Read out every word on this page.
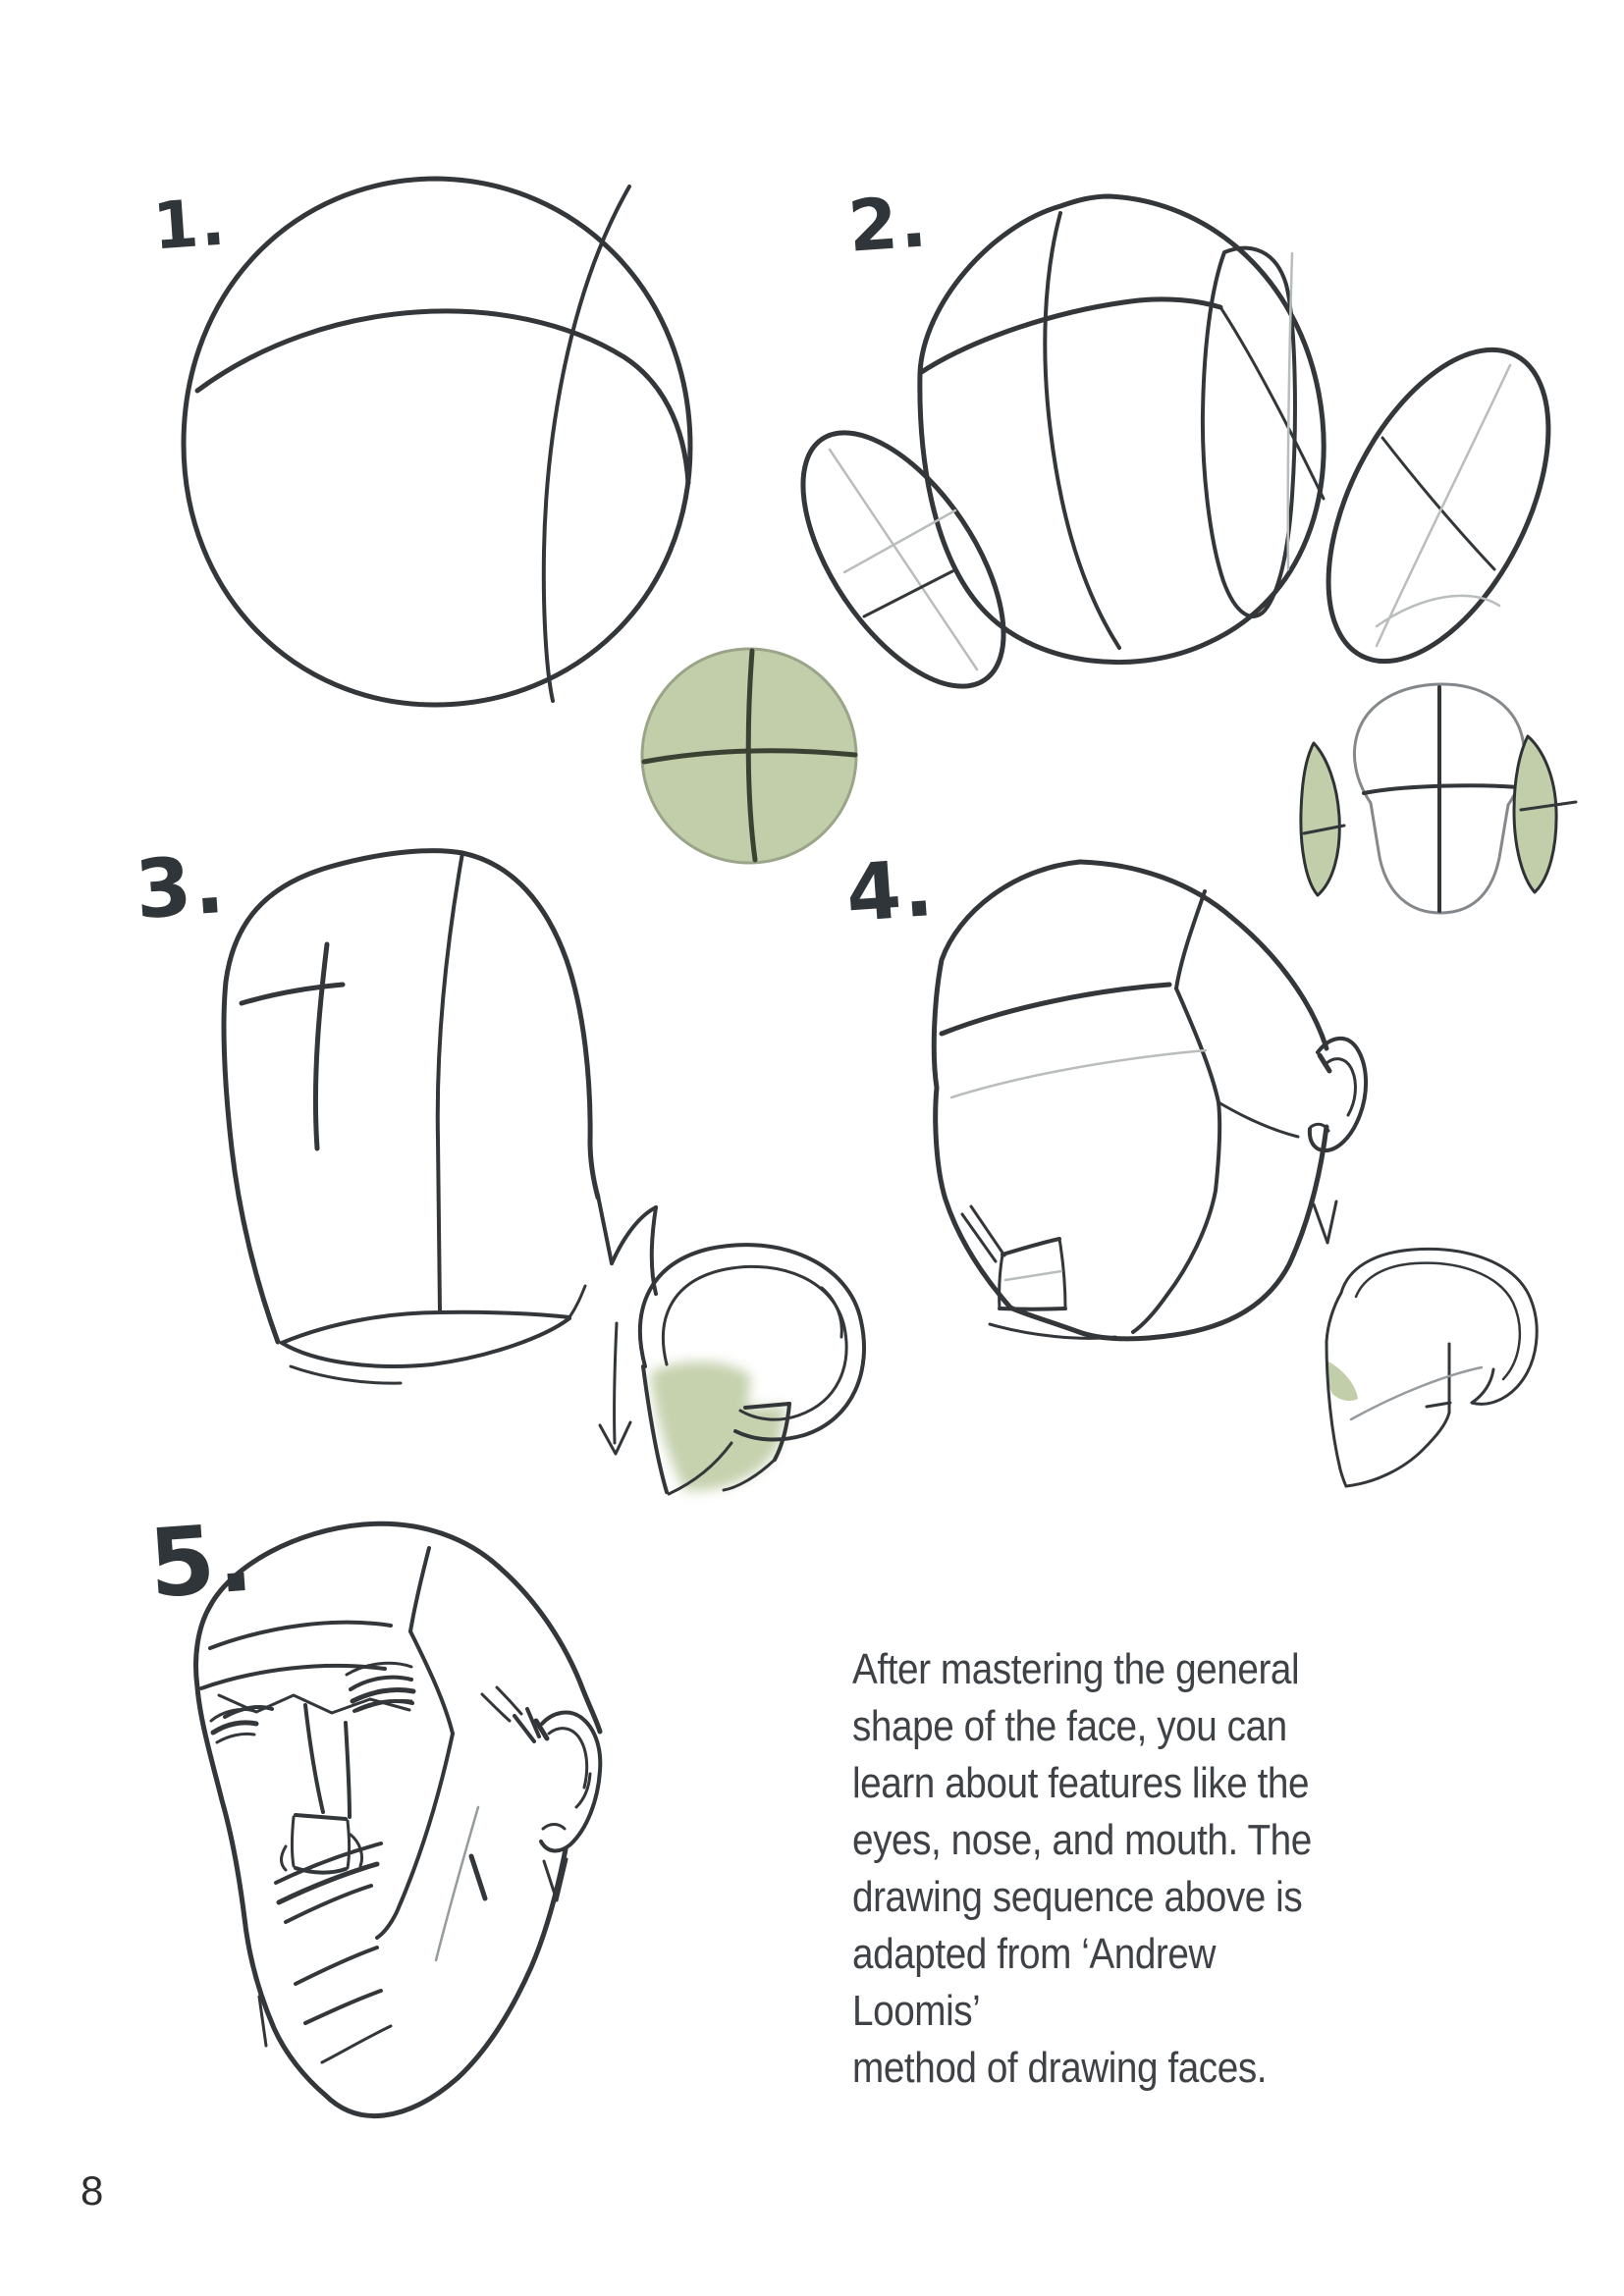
1.	2.
3.	4.
5.
After mastering the general
shape of the face, you can
learn about features like the
eyes, nose, and mouth. The
drawing sequence above is
adapted from ‘Andrew Loomis’
method of drawing faces.
8
